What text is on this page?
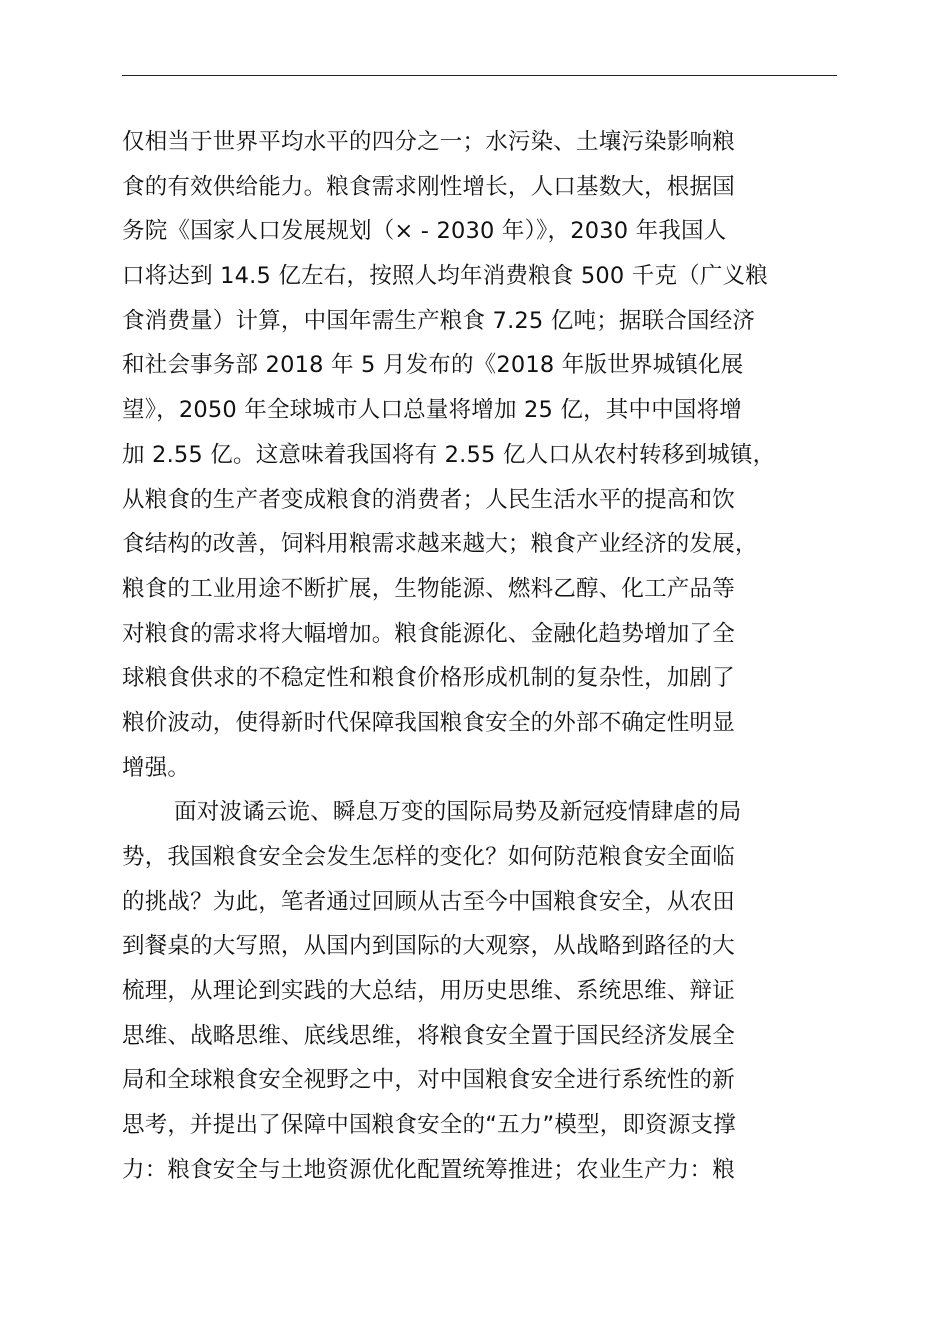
仅相当于世界平均水平的四分之一；水污染、土壤污染影响粮
食的有效供给能力。粮食需求刚性增长，人口基数大，根据国
务院《国家人口发展规划（× - 2030 年）》，2030 年我国人
口将达到 14.5 亿左右，按照人均年消费粮食 500 千克（广义粮
食消费量）计算，中国年需生产粮食 7.25 亿吨；据联合国经济
和社会事务部 2018 年 5 月发布的《2018 年版世界城镇化展
望》，2050 年全球城市人口总量将增加 25 亿，其中中国将增
加 2.55 亿。这意味着我国将有 2.55 亿人口从农村转移到城镇，
从粮食的生产者变成粮食的消费者；人民生活水平的提高和饮
食结构的改善，饲料用粮需求越来越大；粮食产业经济的发展，
粮食的工业用途不断扩展，生物能源、燃料乙醇、化工产品等
对粮食的需求将大幅增加。粮食能源化、金融化趋势增加了全
球粮食供求的不稳定性和粮食价格形成机制的复杂性，加剧了
粮价波动，使得新时代保障我国粮食安全的外部不确定性明显
增强。
面对波谲云诡、瞬息万变的国际局势及新冠疫情肆虐的局
势，我国粮食安全会发生怎样的变化？如何防范粮食安全面临
的挑战？为此，笔者通过回顾从古至今中国粮食安全，从农田
到餐桌的大写照，从国内到国际的大观察，从战略到路径的大
梳理，从理论到实践的大总结，用历史思维、系统思维、辩证
思维、战略思维、底线思维，将粮食安全置于国民经济发展全
局和全球粮食安全视野之中，对中国粮食安全进行系统性的新
思考，并提出了保障中国粮食安全的“五力”模型，即资源支撑
力：粮食安全与土地资源优化配置统筹推进；农业生产力：粮
